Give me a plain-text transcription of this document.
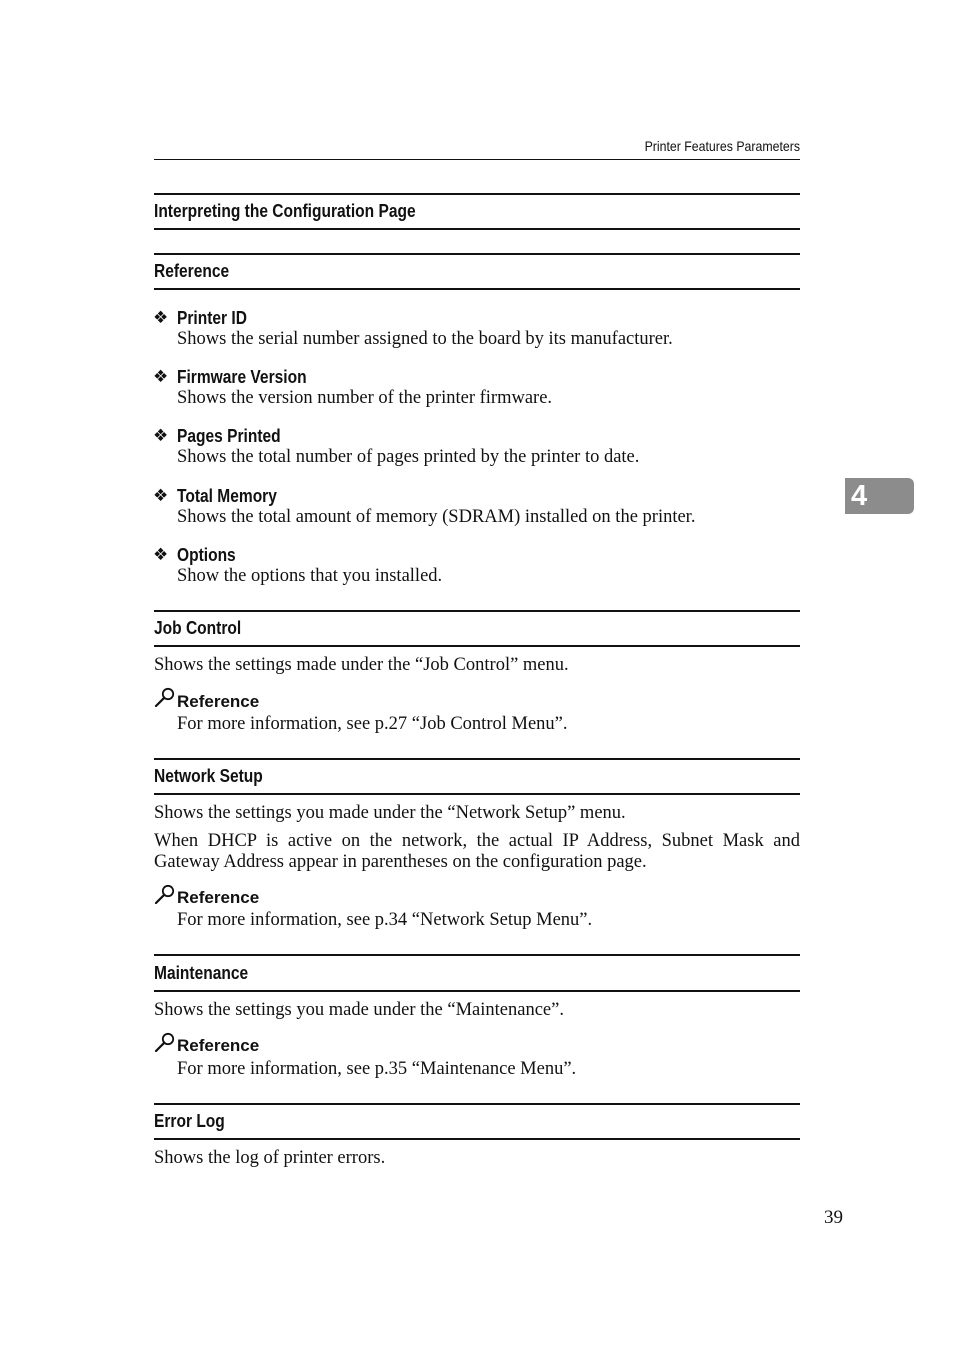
Printer Features Parameters
Interpreting the Configuration Page
Reference
❖ Printer ID
Shows the serial number assigned to the board by its manufacturer.
❖ Firmware Version
Shows the version number of the printer firmware.
❖ Pages Printed
Shows the total number of pages printed by the printer to date.
❖ Total Memory
Shows the total amount of memory (SDRAM) installed on the printer.
❖ Options
Show the options that you installed.
Job Control
Shows the settings made under the “Job Control” menu.
Reference
For more information, see p.27 “Job Control Menu”.
Network Setup
Shows the settings you made under the “Network Setup” menu.
When DHCP is active on the network, the actual IP Address, Subnet Mask and
Gateway Address appear in parentheses on the configuration page.
Reference
For more information, see p.34 “Network Setup Menu”.
Maintenance
Shows the settings you made under the “Maintenance”.
Reference
For more information, see p.35 “Maintenance Menu”.
Error Log
Shows the log of printer errors.
4
39
